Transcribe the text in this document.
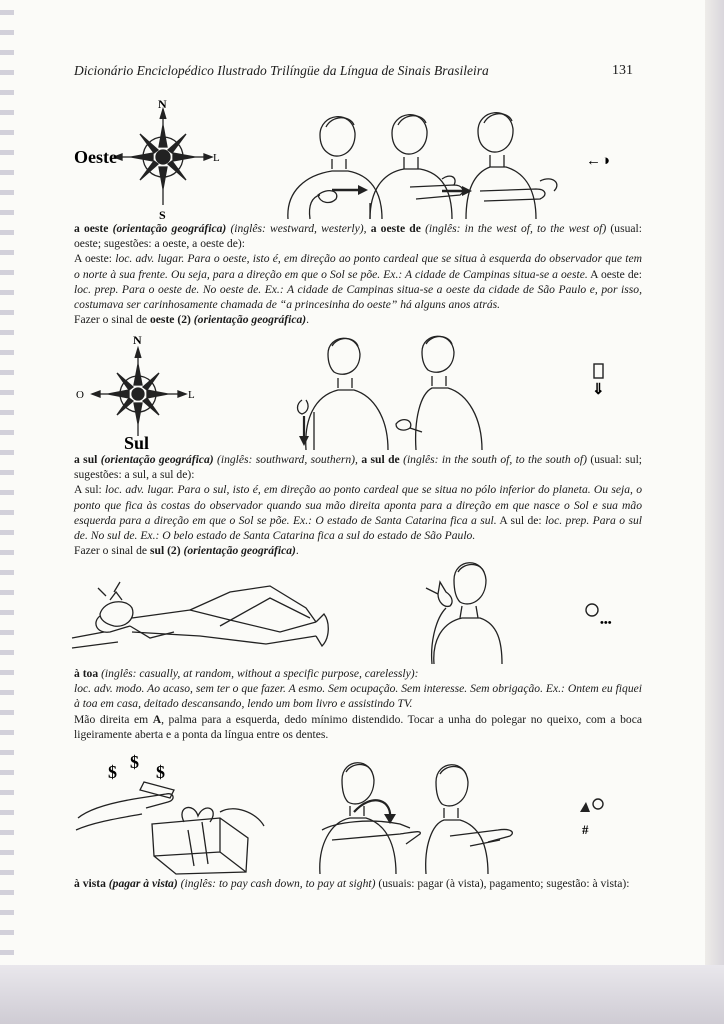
Dicionário Enciclopédico Ilustrado Trilíngüe da Língua de Sinais Brasileira	131
N
S
L
Oeste	←◑
a oeste (orientação geográfica) (inglês: westward, westerly), a oeste de (inglês: in the west of, to the west of) (usual: oeste; sugestões: a oeste, a oeste de):
A oeste: loc. adv. lugar. Para o oeste, isto é, em direção ao ponto cardeal que se situa à esquerda do observador que tem o norte à sua frente. Ou seja, para a direção em que o Sol se põe. Ex.: A cidade de Campinas situa-se a oeste. A oeste de: loc. prep. Para o oeste de. No oeste de. Ex.: A cidade de Campinas situa-se a oeste da cidade de São Paulo e, por isso, costumava ser carinhosamente chamada de “a princesinha do oeste” há alguns anos atrás.
Fazer o sinal de oeste (2) (orientação geográfica).
N
O	L
Sul
⇓
a sul (orientação geográfica) (inglês: southward, southern), a sul de (inglês: in the south of, to the south of) (usual: sul; sugestões: a sul, a sul de):
A sul: loc. adv. lugar. Para o sul, isto é, em direção ao ponto cardeal que se situa no pólo inferior do planeta. Ou seja, o ponto que fica às costas do observador quando sua mão direita aponta para a direção em que nasce o Sol e sua mão esquerda para a direção em que o Sol se põe. Ex.: O estado de Santa Catarina fica a sul. A sul de: loc. prep. Para o sul de. No sul de. Ex.: O belo estado de Santa Catarina fica a sul do estado de São Paulo.
Fazer o sinal de sul (2) (orientação geográfica).
•••
à toa (inglês: casually, at random, without a specific purpose, carelessly):
loc. adv. modo. Ao acaso, sem ter o que fazer. A esmo. Sem ocupação. Sem interesse. Sem obrigação. Ex.: Ontem eu fiquei à toa em casa, deitado descansando, lendo um bom livro e assistindo TV.
Mão direita em A, palma para a esquerda, dedo mínimo distendido. Tocar a unha do polegar no queixo, com a boca ligeiramente aberta e a ponta da língua entre os dentes.
$ $ $
#
à vista (pagar à vista) (inglês: to pay cash down, to pay at sight) (usuais: pagar (à vista), pagamento; sugestão: à vista):
